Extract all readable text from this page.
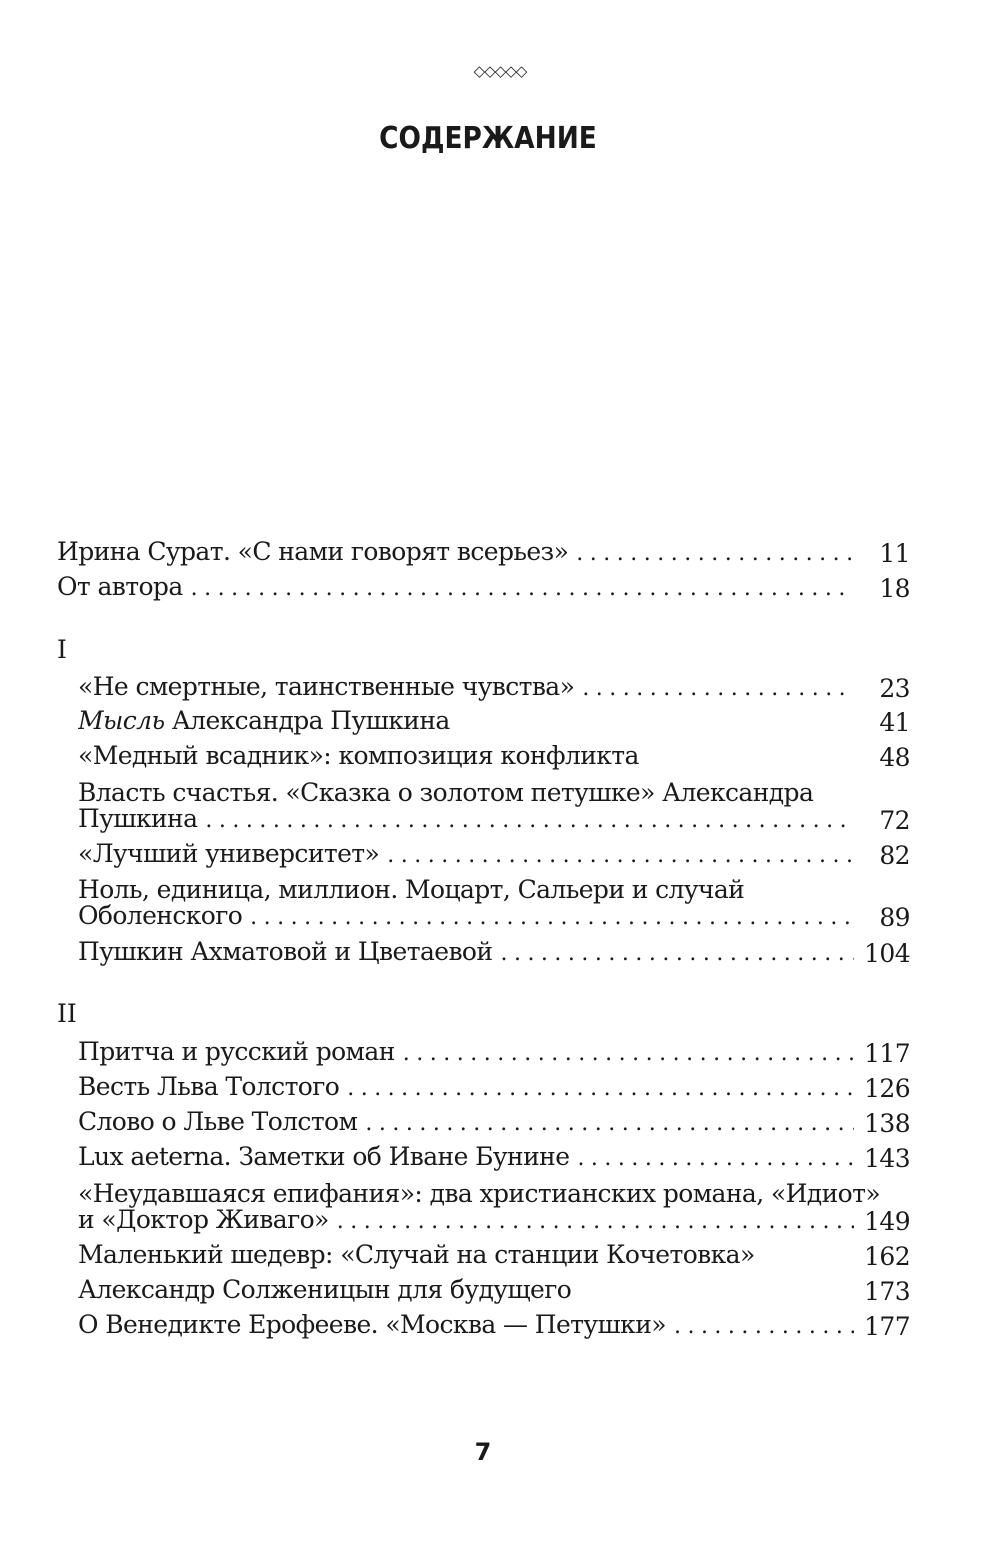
◇◇◇◇◇
СОДЕРЖАНИЕ
Ирина Сурат. «С нами говорят всерьез» .....	11
От автора .....	18
I
«Не смертные, таинственные чувства» .....	23
Мысль Александра Пушкина	41
«Медный всадник»: композиция конфликта	48
Власть счастья. «Сказка о золотом петушке» Александра
Пушкина .....	72
«Лучший университет» .....	82
Ноль, единица, миллион. Моцарт, Сальери и случай
Оболенского .....	89
Пушкин Ахматовой и Цветаевой .....	104
II
Притча и русский роман .....	117
Весть Льва Толстого .....	126
Слово о Льве Толстом .....	138
Lux aeterna. Заметки об Иване Бунине .....	143
«Неудавшаяся епифания»: два христианских романа, «Идиот»
и «Доктор Живаго» .....	149
Маленький шедевр: «Случай на станции Кочетовка»	162
Александр Солженицын для будущего	173
О Венедикте Ерофееве. «Москва — Петушки» .....	177
7
